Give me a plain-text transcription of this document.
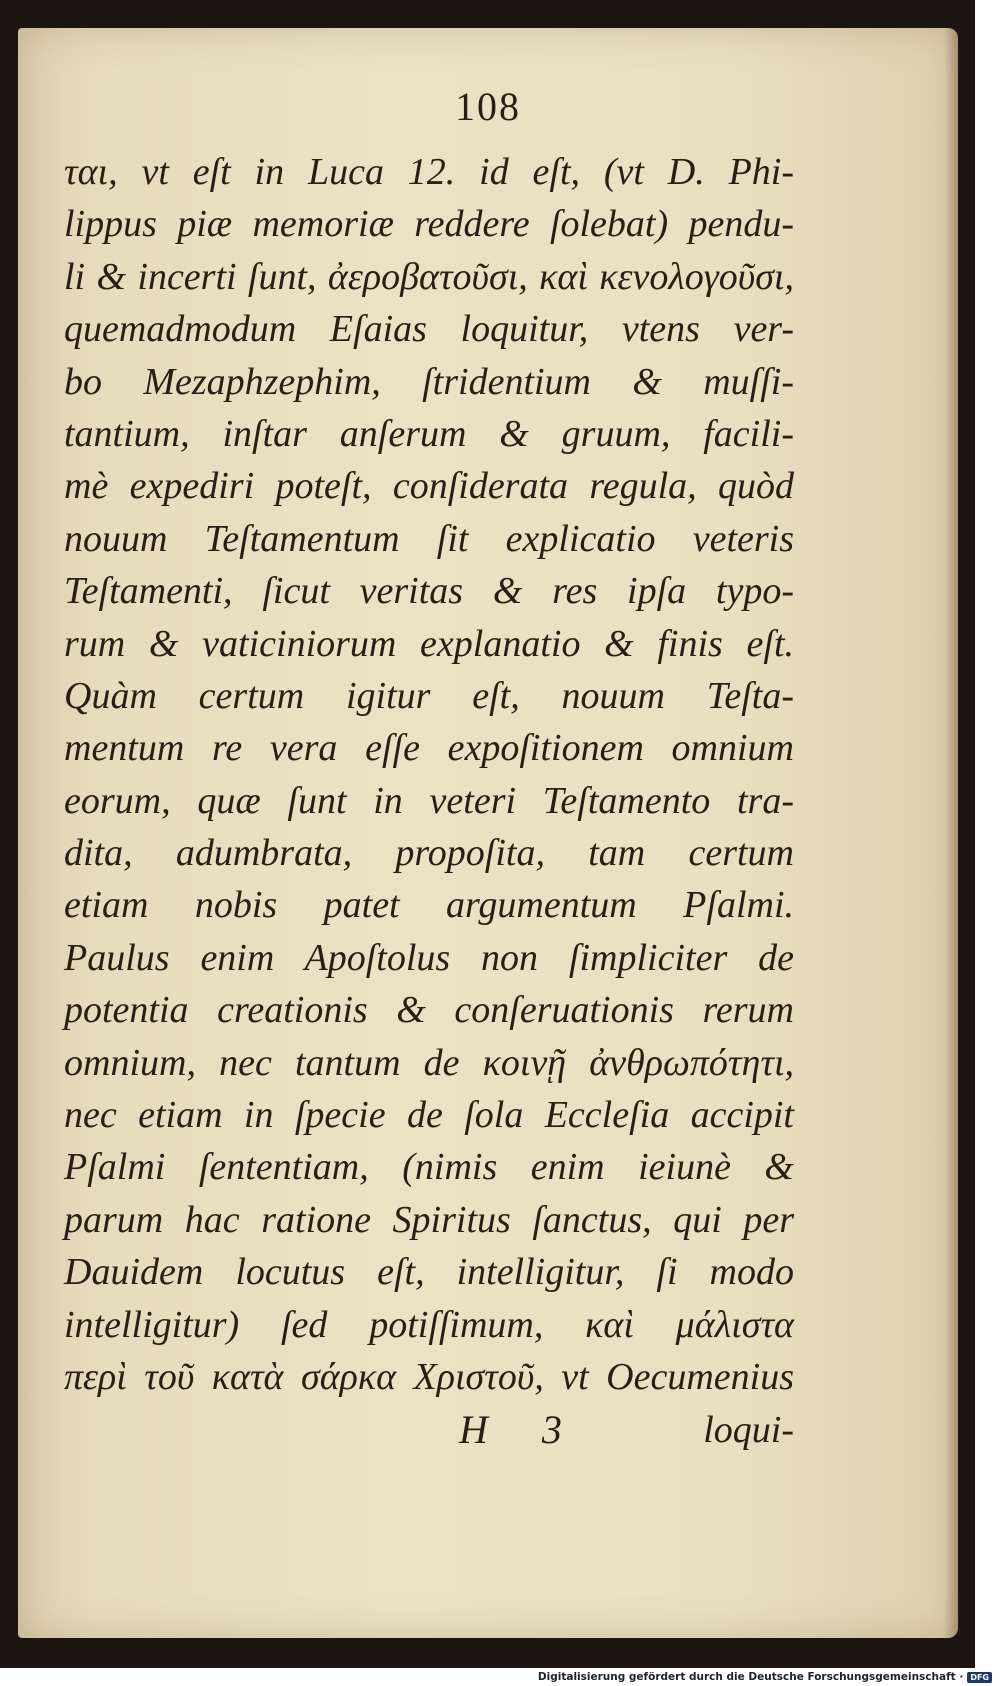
108
ται, vt eſt in Luca 12. id eſt, (vt D. Phi-
lippus piæ memoriæ reddere ſolebat) pendu-
li & incerti ſunt, ἀεροβατοῦσι, καὶ κενολογοῦσι,
quemadmodum Eſaias loquitur, vtens ver-
bo Mezaphzephim, ſtridentium & muſſi-
tantium, inſtar anſerum & gruum, facili-
mè expediri poteſt, conſiderata regula, quòd
nouum Teſtamentum ſit explicatio veteris
Teſtamenti, ſicut veritas & res ipſa typo-
rum & vaticiniorum explanatio & finis eſt.
Quàm certum igitur eſt, nouum Teſta-
mentum re vera eſſe expoſitionem omnium
eorum, quæ ſunt in veteri Teſtamento tra-
dita, adumbrata, propoſita, tam certum
etiam nobis patet argumentum Pſalmi.
Paulus enim Apoſtolus non ſimpliciter de
potentia creationis & conſeruationis rerum
omnium, nec tantum de κοινῇ ἀνθρωπότητι,
nec etiam in ſpecie de ſola Eccleſia accipit
Pſalmi ſententiam, (nimis enim ieiunè &
parum hac ratione Spiritus ſanctus, qui per
Dauidem locutus eſt, intelligitur, ſi modo
intelligitur) ſed potiſſimum, καὶ μάλιστα
περὶ τοῦ κατὰ σάρκα Χριστοῦ, vt Oecumenius
H 3	loqui-
Digitalisierung gefördert durch die Deutsche Forschungsgemeinschaft · DFG
